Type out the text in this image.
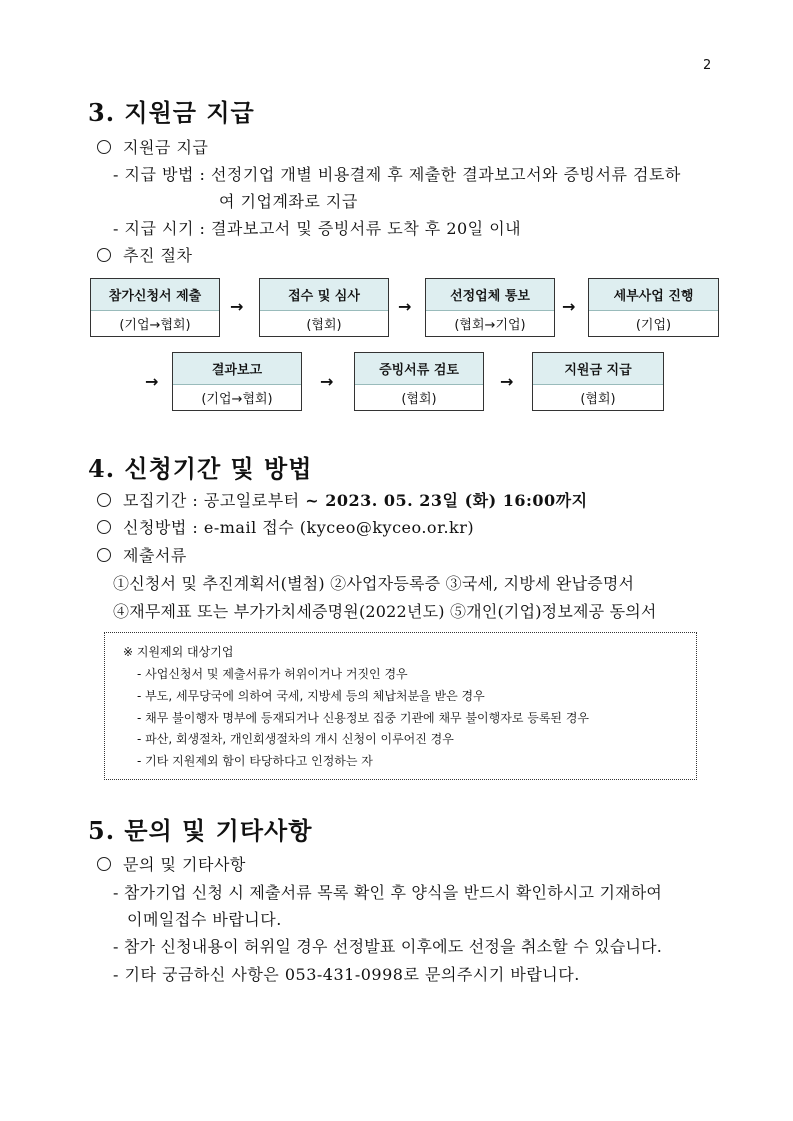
2
3. 지원금 지급
지원금 지급
- 지급 방법 : 선정기업 개별 비용결제 후 제출한 결과보고서와 증빙서류 검토하
여 기업계좌로 지급
- 지급 시기 : 결과보고서 및 증빙서류 도착 후 20일 이내
추진 절차
참가신청서 제출
(기업→협회)
→
접수 및 심사
(협회)
→
선정업체 통보
(협회→기업)
→
세부사업 진행
(기업)
→
결과보고
(기업→협회)
→
증빙서류 검토
(협회)
→
지원금 지급
(협회)
4. 신청기간 및 방법
모집기간 : 공고일로부터 ~ 2023. 05. 23일 (화) 16:00까지
신청방법 : e-mail 접수 (kyceo@kyceo.or.kr)
제출서류
①신청서 및 추진계획서(별첨) ②사업자등록증 ③국세, 지방세 완납증명서
④재무제표 또는 부가가치세증명원(2022년도) ⑤개인(기업)정보제공 동의서
※ 지원제외 대상기업
- 사업신청서 및 제출서류가 허위이거나 거짓인 경우
- 부도, 세무당국에 의하여 국세, 지방세 등의 체납처분을 받은 경우
- 채무 불이행자 명부에 등재되거나 신용정보 집중 기관에 채무 불이행자로 등록된 경우
- 파산, 회생절차, 개인회생절차의 개시 신청이 이루어진 경우
- 기타 지원제외 함이 타당하다고 인정하는 자
5. 문의 및 기타사항
문의 및 기타사항
- 참가기업 신청 시 제출서류 목록 확인 후 양식을 반드시 확인하시고 기재하여
이메일접수 바랍니다.
- 참가 신청내용이 허위일 경우 선정발표 이후에도 선정을 취소할 수 있습니다.
- 기타 궁금하신 사항은 053-431-0998로 문의주시기 바랍니다.
